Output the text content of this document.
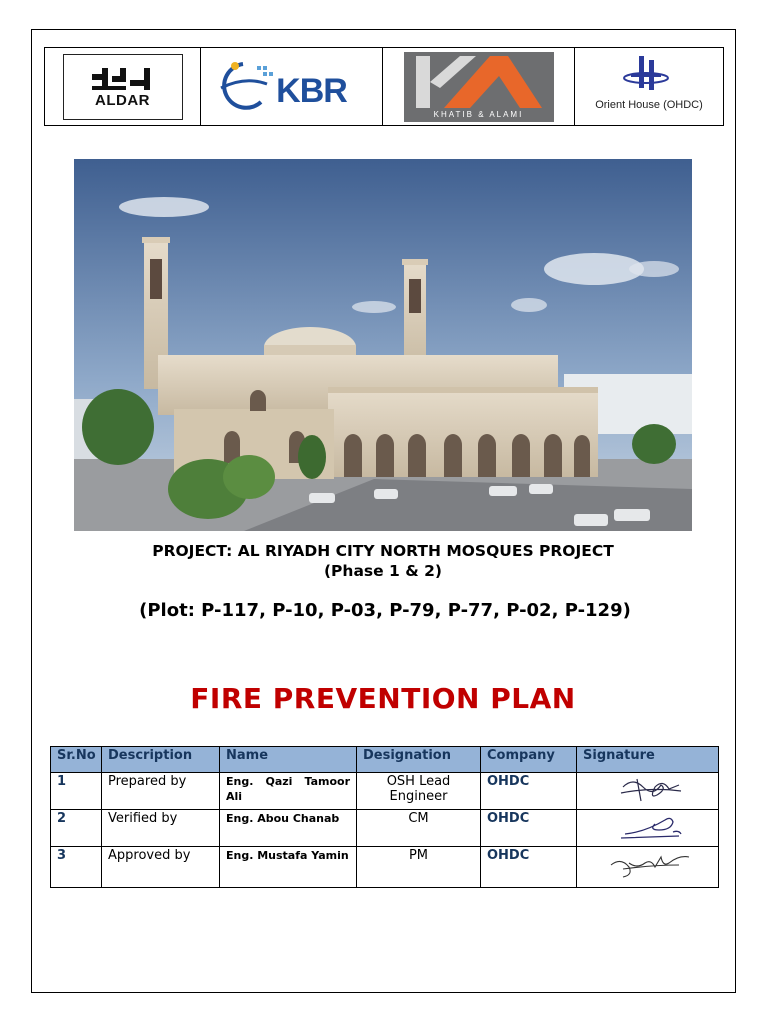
ALDAR	KBR
KHATIB & ALAMI
Orient House (OHDC)
PROJECT: AL RIYADH CITY NORTH MOSQUES PROJECT
(Phase 1 & 2)
(Plot: P-117, P-10, P-03, P-79, P-77, P-02, P-129)
FIRE PREVENTION PLAN
Sr.No	Description	Name	Designation	Company	Signature
1	Prepared by	Eng. Qazi Tamoor Ali	OSH Lead Engineer	OHDC	
2	Verified by	Eng. Abou Chanab	CM	OHDC	
3	Approved by	Eng. Mustafa Yamin	PM	OHDC	
